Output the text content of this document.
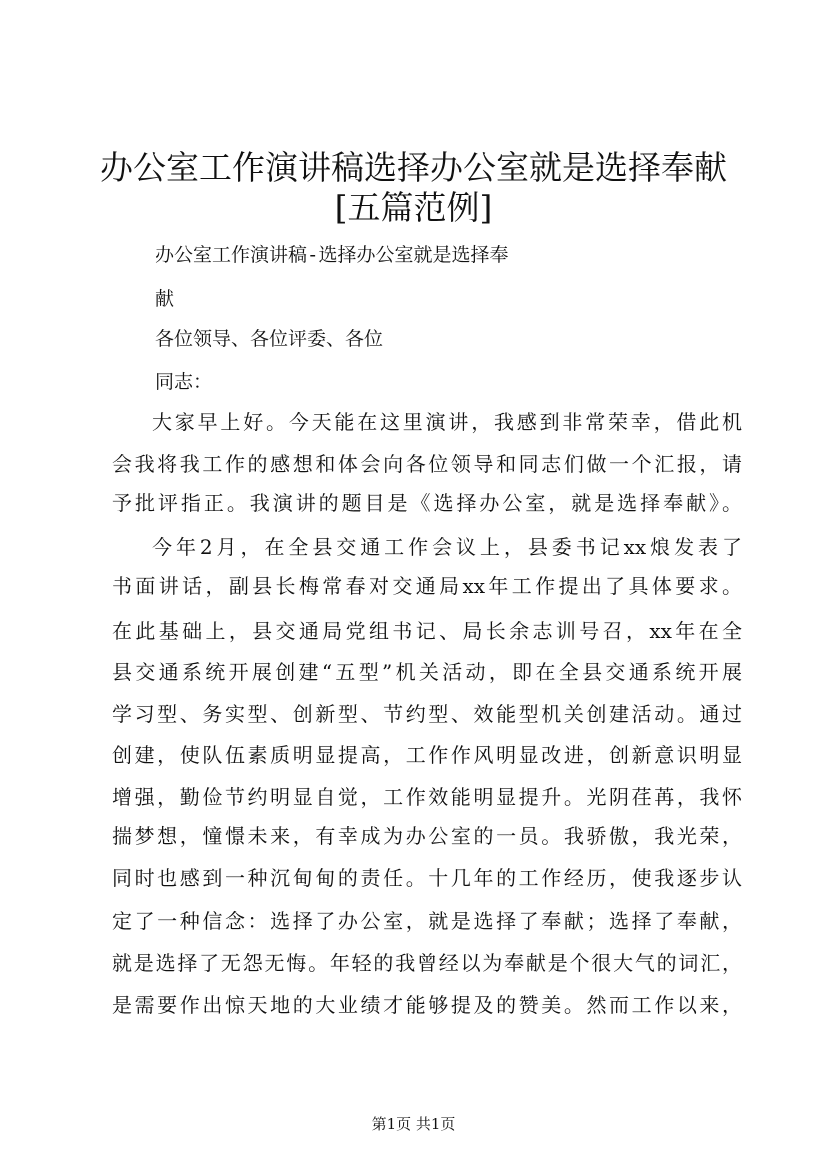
办公室工作演讲稿选择办公室就是选择奉献
[五篇范例]
办公室工作演讲稿-选择办公室就是选择奉
献
各位领导、各位评委、各位
同志：
大家早上好。今天能在这里演讲，我感到非常荣幸，借此机
会我将我工作的感想和体会向各位领导和同志们做一个汇报，请
予批评指正。我演讲的题目是《选择办公室，就是选择奉献》。
今年2月，在全县交通工作会议上，县委书记xx烺发表了
书面讲话，副县长梅常春对交通局xx年工作提出了具体要求。
在此基础上，县交通局党组书记、局长余志训号召，xx年在全
县交通系统开展创建“五型”机关活动，即在全县交通系统开展
学习型、务实型、创新型、节约型、效能型机关创建活动。通过
创建，使队伍素质明显提高，工作作风明显改进，创新意识明显
增强，勤俭节约明显自觉，工作效能明显提升。光阴荏苒，我怀
揣梦想，憧憬未来，有幸成为办公室的一员。我骄傲，我光荣，
同时也感到一种沉甸甸的责任。十几年的工作经历，使我逐步认
定了一种信念：选择了办公室，就是选择了奉献；选择了奉献，
就是选择了无怨无悔。年轻的我曾经以为奉献是个很大气的词汇，
是需要作出惊天地的大业绩才能够提及的赞美。然而工作以来，
第1页 共1页
